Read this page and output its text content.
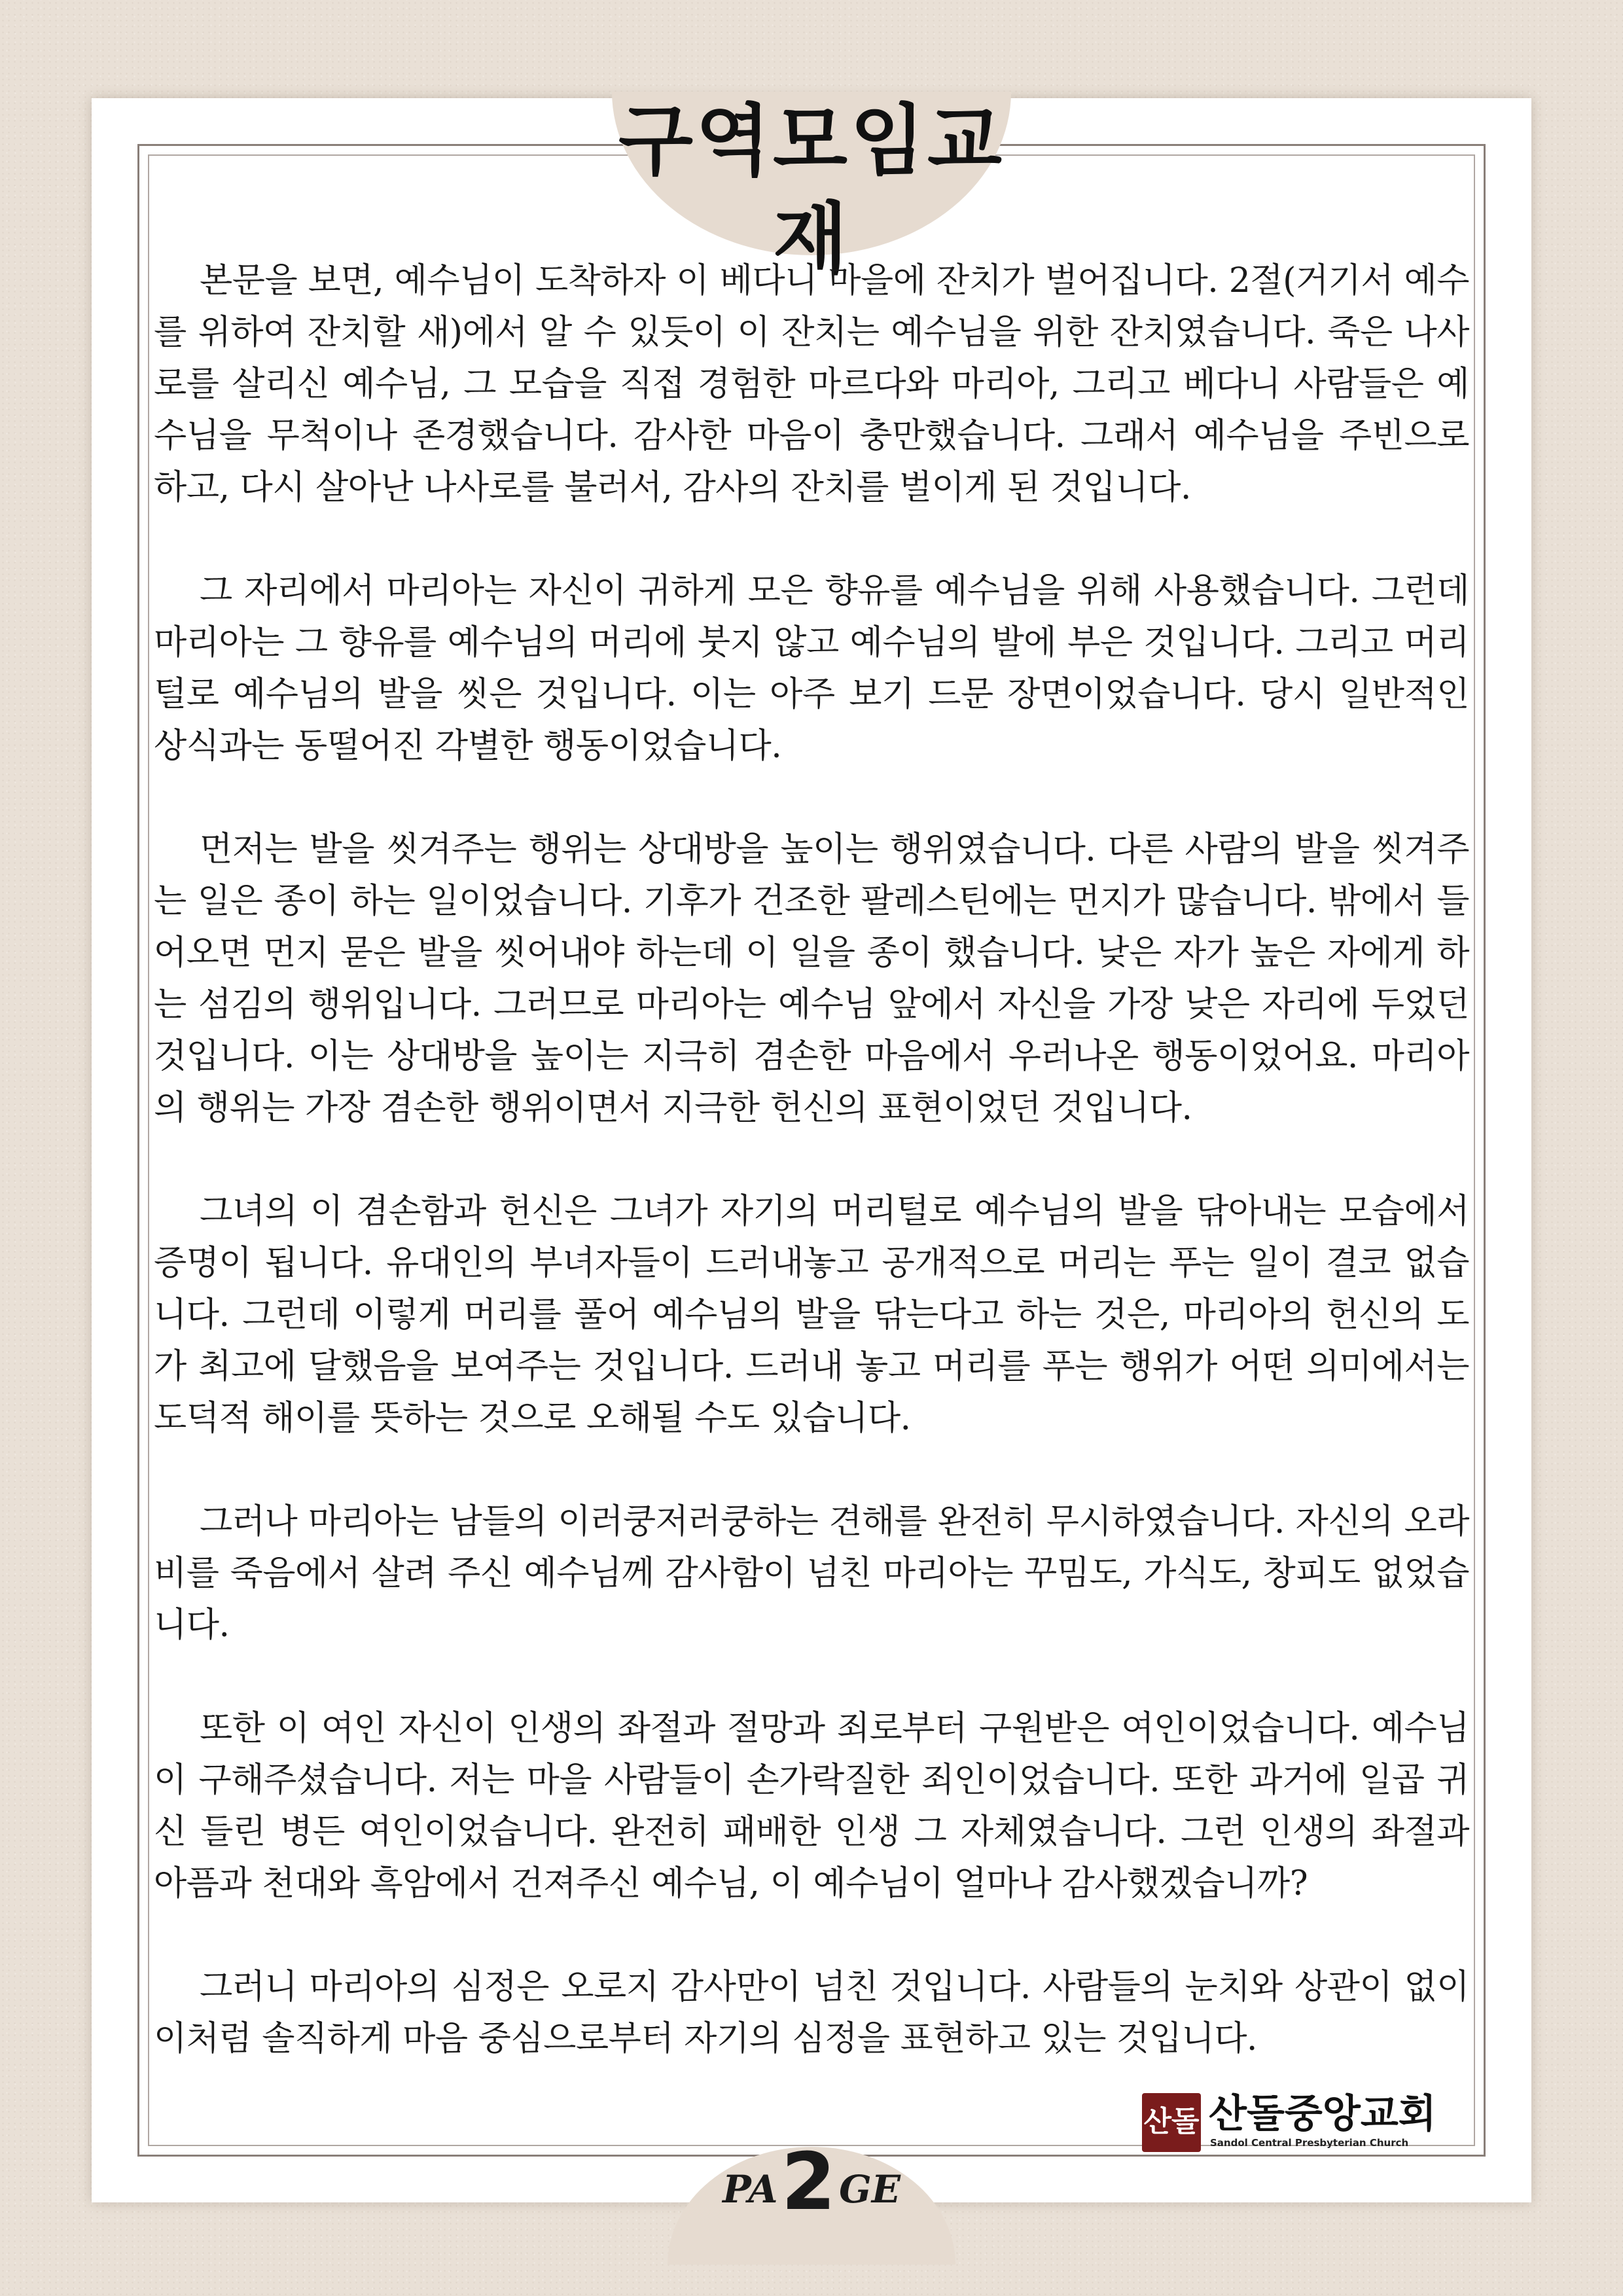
구역모임교재

본문을 보면, 예수님이 도착하자 이 베다니 마을에 잔치가 벌어집니다. 2절(거기서 예수를 위하여 잔치할 새)에서 알 수 있듯이 이 잔치는 예수님을 위한 잔치였습니다. 죽은 나사로를 살리신 예수님, 그 모습을 직접 경험한 마르다와 마리아, 그리고 베다니 사람들은 예수님을 무척이나 존경했습니다. 감사한 마음이 충만했습니다. 그래서 예수님을 주빈으로 하고, 다시 살아난 나사로를 불러서, 감사의 잔치를 벌이게 된 것입니다.

그 자리에서 마리아는 자신이 귀하게 모은 향유를 예수님을 위해 사용했습니다. 그런데 마리아는 그 향유를 예수님의 머리에 붓지 않고 예수님의 발에 부은 것입니다. 그리고 머리털로 예수님의 발을 씻은 것입니다. 이는 아주 보기 드문 장면이었습니다. 당시 일반적인 상식과는 동떨어진 각별한 행동이었습니다.

먼저는 발을 씻겨주는 행위는 상대방을 높이는 행위였습니다. 다른 사람의 발을 씻겨주는 일은 종이 하는 일이었습니다. 기후가 건조한 팔레스틴에는 먼지가 많습니다. 밖에서 들어오면 먼지 묻은 발을 씻어내야 하는데 이 일을 종이 했습니다. 낮은 자가 높은 자에게 하는 섬김의 행위입니다. 그러므로 마리아는 예수님 앞에서 자신을 가장 낮은 자리에 두었던 것입니다. 이는 상대방을 높이는 지극히 겸손한 마음에서 우러나온 행동이었어요. 마리아의 행위는 가장 겸손한 행위이면서 지극한 헌신의 표현이었던 것입니다.

그녀의 이 겸손함과 헌신은 그녀가 자기의 머리털로 예수님의 발을 닦아내는 모습에서 증명이 됩니다. 유대인의 부녀자들이 드러내놓고 공개적으로 머리는 푸는 일이 결코 없습니다. 그런데 이렇게 머리를 풀어 예수님의 발을 닦는다고 하는 것은, 마리아의 헌신의 도가 최고에 달했음을 보여주는 것입니다. 드러내 놓고 머리를 푸는 행위가 어떤 의미에서는 도덕적 해이를 뜻하는 것으로 오해될 수도 있습니다.

그러나 마리아는 남들의 이러쿵저러쿵하는 견해를 완전히 무시하였습니다. 자신의 오라비를 죽음에서 살려 주신 예수님께 감사함이 넘친 마리아는 꾸밈도, 가식도, 창피도 없었습니다.

또한 이 여인 자신이 인생의 좌절과 절망과 죄로부터 구원받은 여인이었습니다. 예수님이 구해주셨습니다. 저는 마을 사람들이 손가락질한 죄인이었습니다. 또한 과거에 일곱 귀신 들린 병든 여인이었습니다. 완전히 패배한 인생 그 자체였습니다. 그런 인생의 좌절과 아픔과 천대와 흑암에서 건져주신 예수님, 이 예수님이 얼마나 감사했겠습니까?

그러니 마리아의 심정은 오로지 감사만이 넘친 것입니다. 사람들의 눈치와 상관이 없이 이처럼 솔직하게 마음 중심으로부터 자기의 심정을 표현하고 있는 것입니다.

산돌 산돌중앙교회
Sandol Central Presbyterian Church
PA 2 GE
